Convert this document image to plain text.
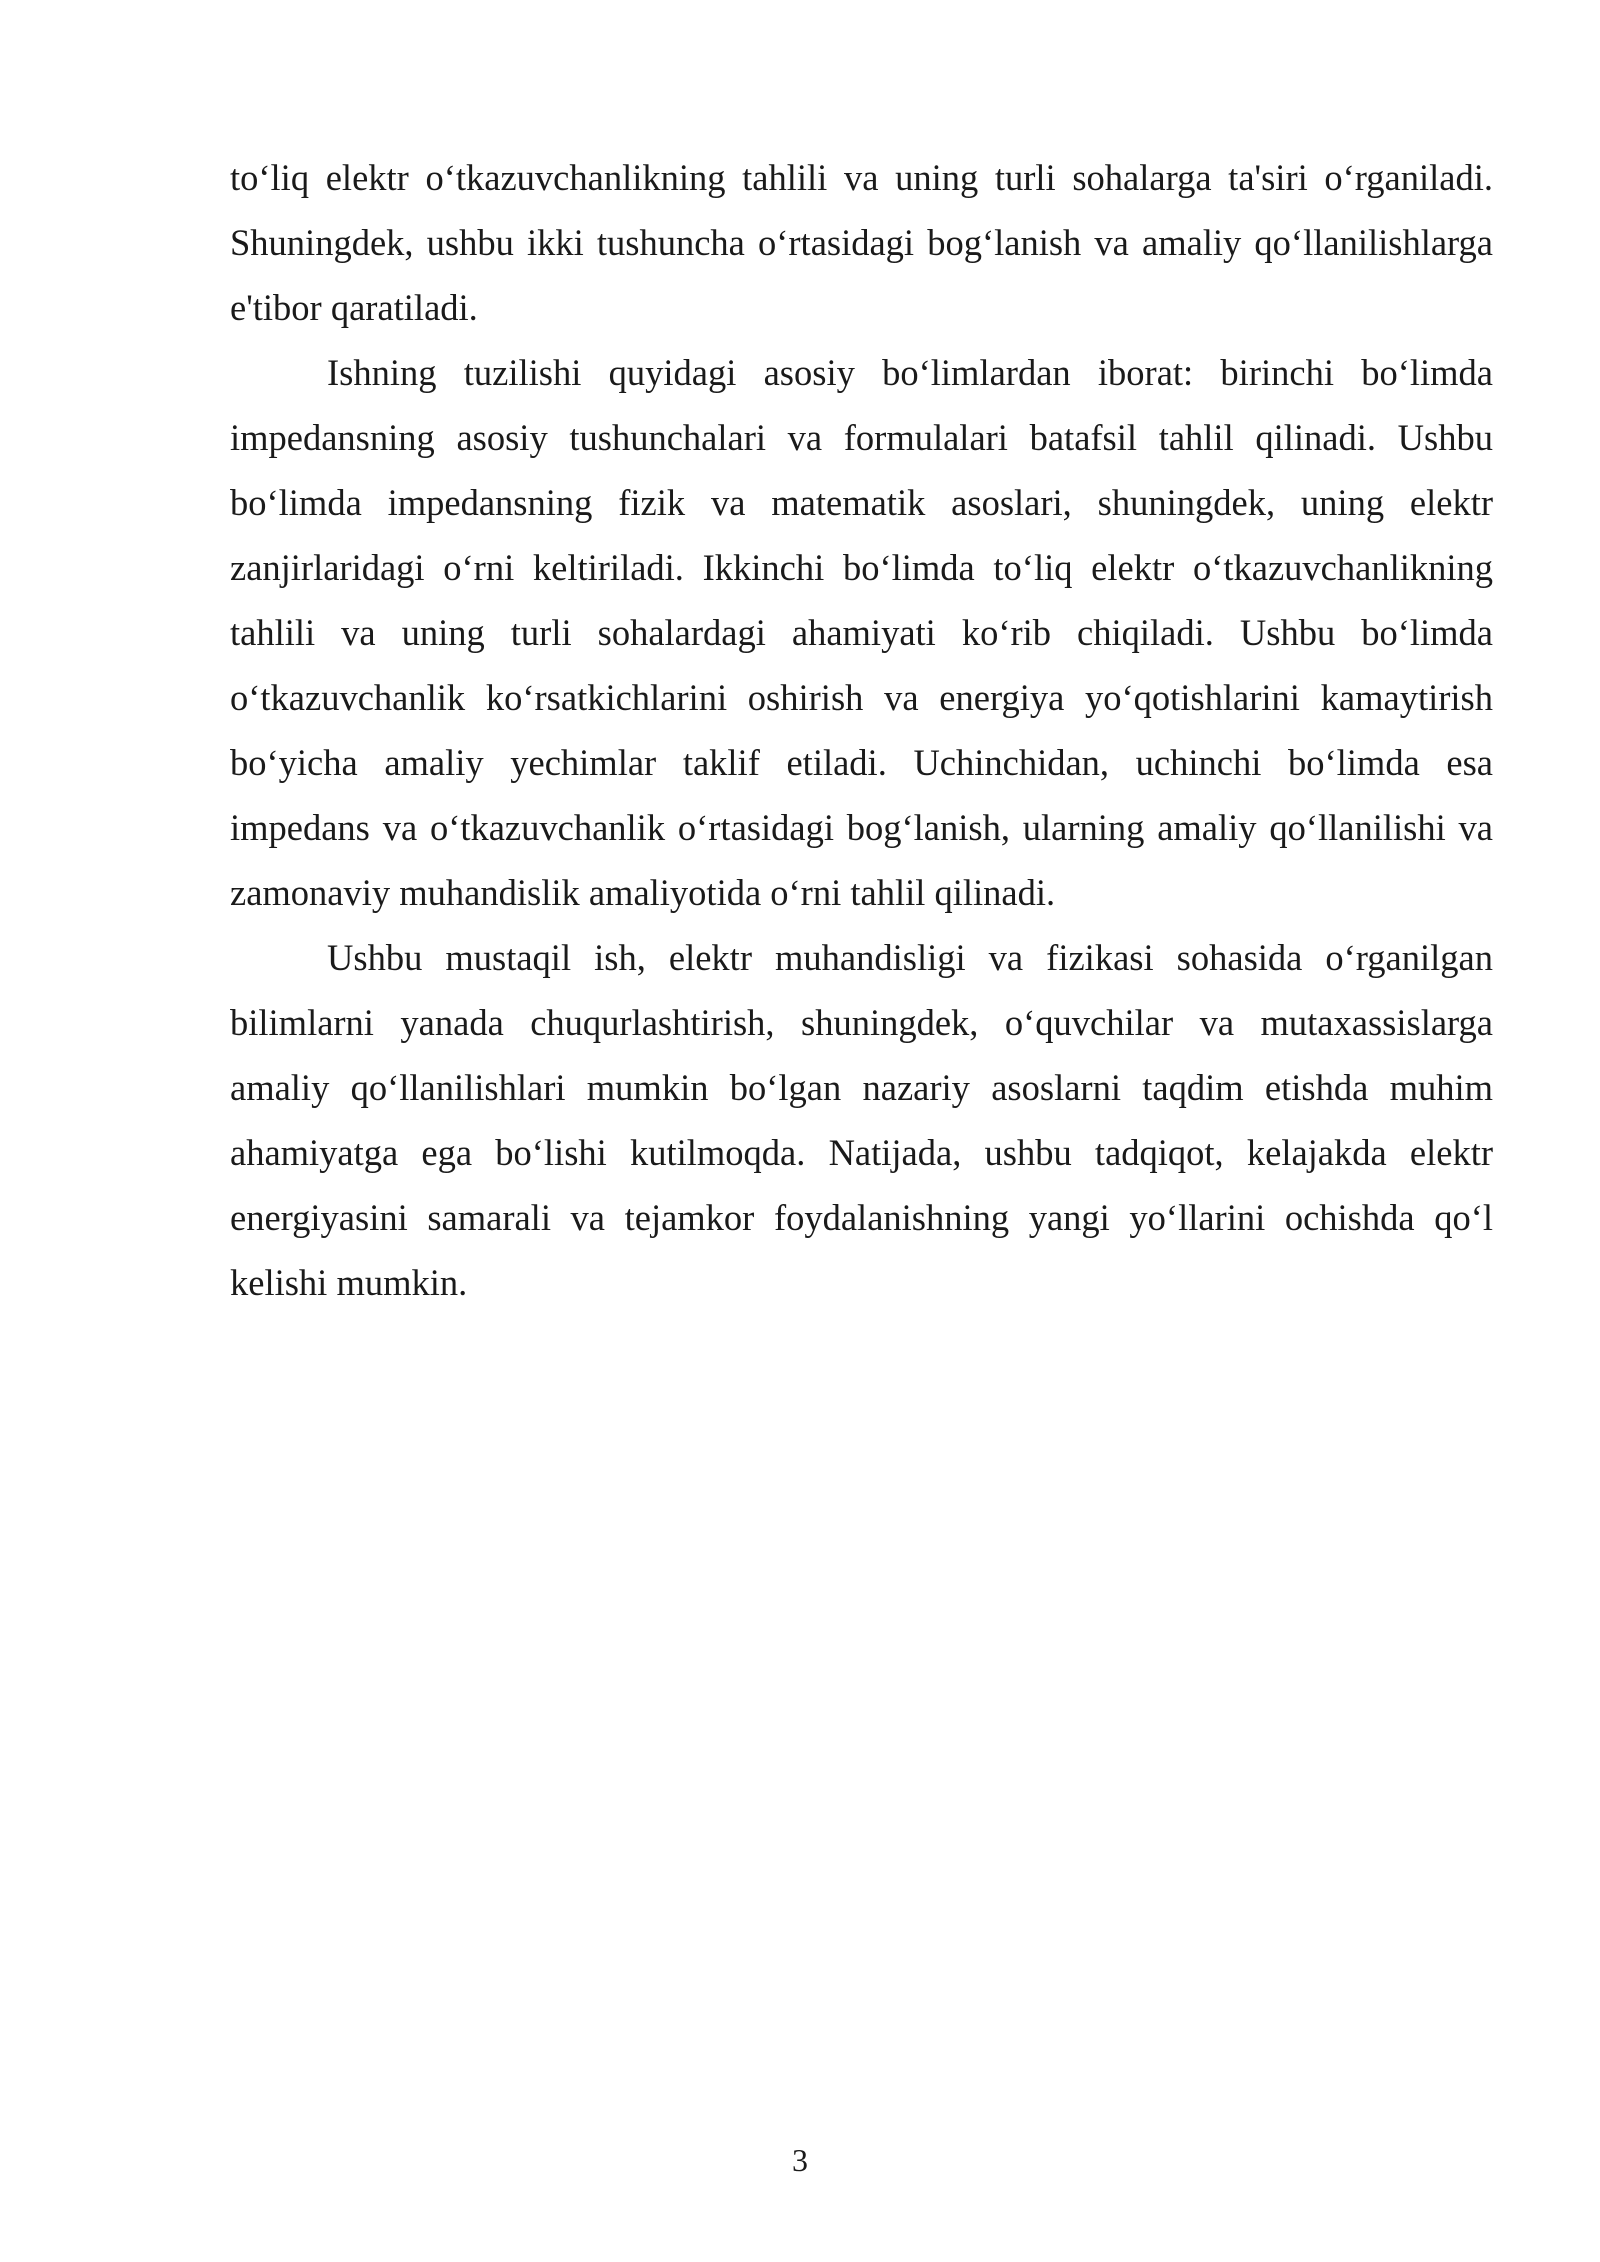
to‘liq elektr o‘tkazuvchanlikning tahlili va uning turli sohalarga ta'siri o‘rganiladi. Shuningdek, ushbu ikki tushuncha o‘rtasidagi bog‘lanish va amaliy qo‘llanilishlarga e'tibor qaratiladi.

Ishning tuzilishi quyidagi asosiy bo‘limlardan iborat: birinchi bo‘limda impedansning asosiy tushunchalari va formulalari batafsil tahlil qilinadi. Ushbu bo‘limda impedansning fizik va matematik asoslari, shuningdek, uning elektr zanjirlaridagi o‘rni keltiriladi. Ikkinchi bo‘limda to‘liq elektr o‘tkazuvchanlikning tahlili va uning turli sohalardagi ahamiyati ko‘rib chiqiladi. Ushbu bo‘limda o‘tkazuvchanlik ko‘rsatkichlarini oshirish va energiya yo‘qotishlarini kamaytirish bo‘yicha amaliy yechimlar taklif etiladi. Uchinchidan, uchinchi bo‘limda esa impedans va o‘tkazuvchanlik o‘rtasidagi bog‘lanish, ularning amaliy qo‘llanilishi va zamonaviy muhandislik amaliyotida o‘rni tahlil qilinadi.

Ushbu mustaqil ish, elektr muhandisligi va fizikasi sohasida o‘rganilgan bilimlarni yanada chuqurlashtirish, shuningdek, o‘quvchilar va mutaxassislarga amaliy qo‘llanilishlari mumkin bo‘lgan nazariy asoslarni taqdim etishda muhim ahamiyatga ega bo‘lishi kutilmoqda. Natijada, ushbu tadqiqot, kelajakda elektr energiyasini samarali va tejamkor foydalanishning yangi yo‘llarini ochishda qo‘l kelishi mumkin.

3
